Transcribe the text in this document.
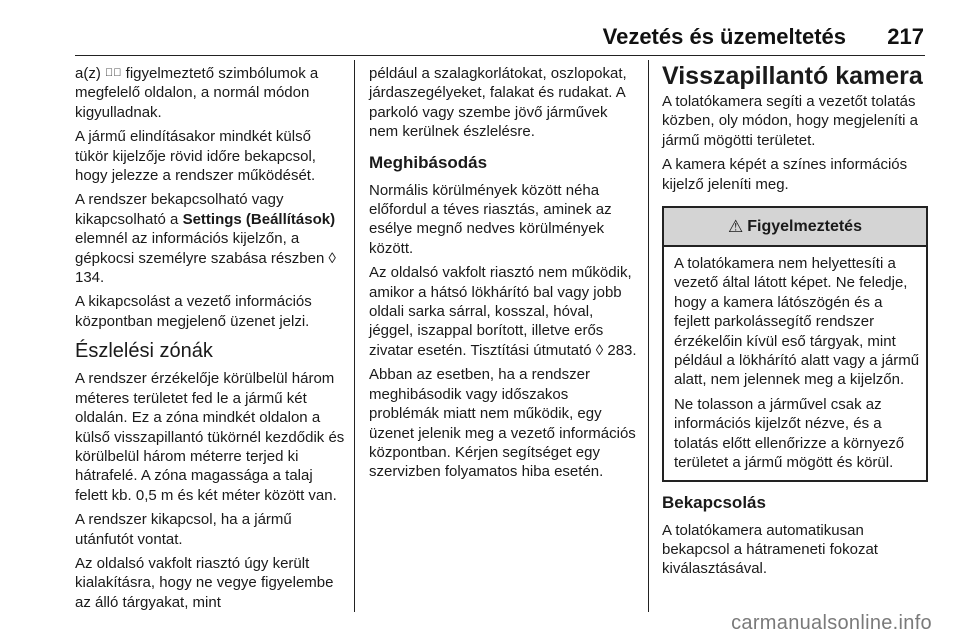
Vezetés és üzemeltetés 217

a(z) ⇗⃞ figyelmeztető szimbólumok a megfelelő oldalon, a normál módon kigyulladnak.

A jármű elindításakor mindkét külső tükör kijelzője rövid időre bekapcsol, hogy jelezze a rendszer működését.

A rendszer bekapcsolható vagy kikapcsolható a Settings (Beállítások) elemnél az információs kijelzőn, a gépkocsi személyre szabása részben ◊ 134.

A kikapcsolást a vezető információs központban megjelenő üzenet jelzi.

Észlelési zónák

A rendszer érzékelője körülbelül három méteres területet fed le a jármű két oldalán. Ez a zóna mindkét oldalon a külső visszapillantó tükörnél kezdődik és körülbelül három méterre terjed ki hátrafelé. A zóna magassága a talaj felett kb. 0,5 m és két méter között van.

A rendszer kikapcsol, ha a jármű utánfutót vontat.

Az oldalsó vakfolt riasztó úgy került kialakításra, hogy ne vegye figyelembe az álló tárgyakat, mint

például a szalagkorlátokat, oszlopokat, járdaszegélyeket, falakat és rudakat. A parkoló vagy szembe jövő járművek nem kerülnek észlelésre.

Meghibásodás

Normális körülmények között néha előfordul a téves riasztás, aminek az esélye megnő nedves körülmények között.

Az oldalsó vakfolt riasztó nem működik, amikor a hátsó lökhárító bal vagy jobb oldali sarka sárral, kosszal, hóval, jéggel, iszappal borított, illetve erős zivatar esetén. Tisztítási útmutató ◊ 283.

Abban az esetben, ha a rendszer meghibásodik vagy időszakos problémák miatt nem működik, egy üzenet jelenik meg a vezető információs központban. Kérjen segítséget egy szervizben folyamatos hiba esetén.

Visszapillantó kamera

A tolatókamera segíti a vezetőt tolatás közben, oly módon, hogy megjeleníti a jármű mögötti területet.

A kamera képét a színes információs kijelző jeleníti meg.

⚠ Figyelmeztetés

A tolatókamera nem helyettesíti a vezető által látott képet. Ne feledje, hogy a kamera látószögén és a fejlett parkolássegítő rendszer érzékelőin kívül eső tárgyak, mint például a lökhárító alatt vagy a jármű alatt, nem jelennek meg a kijelzőn.

Ne tolasson a járművel csak az információs kijelzőt nézve, és a tolatás előtt ellenőrizze a környező területet a jármű mögött és körül.

Bekapcsolás

A tolatókamera automatikusan bekapcsol a hátrameneti fokozat kiválasztásával.

carmanualsonline.info
